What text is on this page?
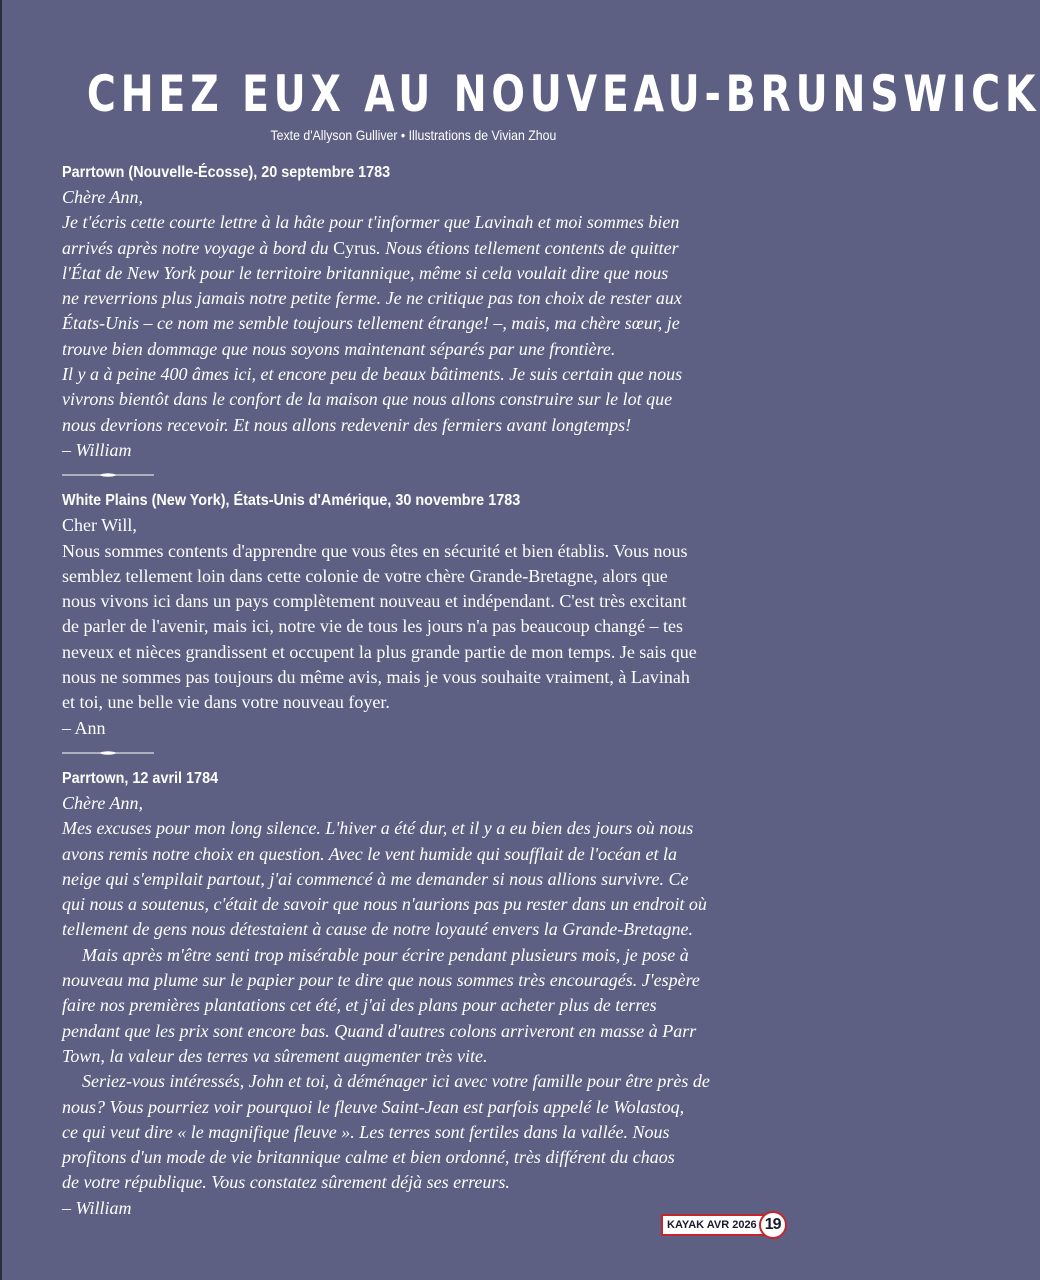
CHEZ EUX AU NOUVEAU-BRUNSWICK
Texte d'Allyson Gulliver • Illustrations de Vivian Zhou
Parrtown (Nouvelle-Écosse), 20 septembre 1783
Chère Ann,
Je t'écris cette courte lettre à la hâte pour t'informer que Lavinah et moi sommes bien
arrivés après notre voyage à bord du Cyrus. Nous étions tellement contents de quitter
l'État de New York pour le territoire britannique, même si cela voulait dire que nous
ne reverrions plus jamais notre petite ferme. Je ne critique pas ton choix de rester aux
États-Unis – ce nom me semble toujours tellement étrange! –, mais, ma chère sœur, je
trouve bien dommage que nous soyons maintenant séparés par une frontière.
Il y a à peine 400 âmes ici, et encore peu de beaux bâtiments. Je suis certain que nous
vivrons bientôt dans le confort de la maison que nous allons construire sur le lot que
nous devrions recevoir. Et nous allons redevenir des fermiers avant longtemps!
– William
White Plains (New York), États-Unis d'Amérique, 30 novembre 1783
Cher Will,
Nous sommes contents d'apprendre que vous êtes en sécurité et bien établis. Vous nous
semblez tellement loin dans cette colonie de votre chère Grande-Bretagne, alors que
nous vivons ici dans un pays complètement nouveau et indépendant. C'est très excitant
de parler de l'avenir, mais ici, notre vie de tous les jours n'a pas beaucoup changé – tes
neveux et nièces grandissent et occupent la plus grande partie de mon temps. Je sais que
nous ne sommes pas toujours du même avis, mais je vous souhaite vraiment, à Lavinah
et toi, une belle vie dans votre nouveau foyer.
– Ann
Parrtown, 12 avril 1784
Chère Ann,
Mes excuses pour mon long silence. L'hiver a été dur, et il y a eu bien des jours où nous
avons remis notre choix en question. Avec le vent humide qui soufflait de l'océan et la
neige qui s'empilait partout, j'ai commencé à me demander si nous allions survivre. Ce
qui nous a soutenus, c'était de savoir que nous n'aurions pas pu rester dans un endroit où
tellement de gens nous détestaient à cause de notre loyauté envers la Grande-Bretagne.
Mais après m'être senti trop misérable pour écrire pendant plusieurs mois, je pose à
nouveau ma plume sur le papier pour te dire que nous sommes très encouragés. J'espère
faire nos premières plantations cet été, et j'ai des plans pour acheter plus de terres
pendant que les prix sont encore bas. Quand d'autres colons arriveront en masse à Parr
Town, la valeur des terres va sûrement augmenter très vite.
Seriez-vous intéressés, John et toi, à déménager ici avec votre famille pour être près de
nous? Vous pourriez voir pourquoi le fleuve Saint-Jean est parfois appelé le Wolastoq,
ce qui veut dire « le magnifique fleuve ». Les terres sont fertiles dans la vallée. Nous
profitons d'un mode de vie britannique calme et bien ordonné, très différent du chaos
de votre république. Vous constatez sûrement déjà ses erreurs.
– William
KAYAK AVR 2026 19
